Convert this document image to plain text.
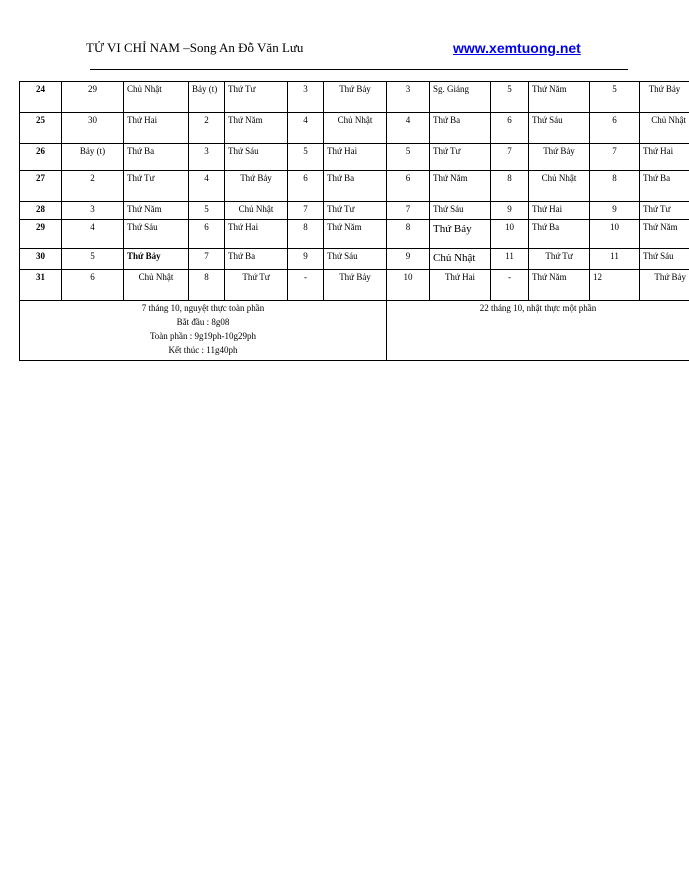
TỬ VI CHỈ NAM –Song An Đỗ Văn Lưu	www.xemtuong.net
24	29	Chủ Nhật	Bảy (t)	Thứ Tư	3	Thứ Bảy	3	Sg. Giáng	5	Thứ Năm	5	Thứ Bảy
25	30	Thứ Hai	2	Thứ Năm	4	Chủ Nhật	4	Thứ Ba	6	Thứ Sáu	6	Chủ Nhật
26	Bảy (t)	Thứ Ba	3	Thứ Sáu	5	Thứ Hai	5	Thứ Tư	7	Thứ Bảy	7	Thứ Hai
27	2	Thứ Tư	4	Thứ Bảy	6	Thứ Ba	6	Thứ Năm	8	Chủ Nhật	8	Thứ Ba
28	3	Thứ Năm	5	Chủ Nhật	7	Thứ Tư	7	Thứ Sáu	9	Thứ Hai	9	Thứ Tư
29	4	Thứ Sáu	6	Thứ Hai	8	Thứ Năm	8	Thứ Bảy	10	Thứ Ba	10	Thứ Năm
30	5	Thứ Bảy	7	Thứ Ba	9	Thứ Sáu	9	Chủ Nhật	11	Thứ Tư	11	Thứ Sáu
31	6	Chủ Nhật	8	Thứ Tư	-	Thứ Bảy	10	Thứ Hai	-	Thứ Năm	12	Thứ Bảy

7 tháng 10, nguyệt thực toàn phần
Bắt đầu : 8g08
Toàn phần : 9g19ph-10g29ph
Kết thúc : 11g40ph							22 tháng 10, nhật thực một phần					
